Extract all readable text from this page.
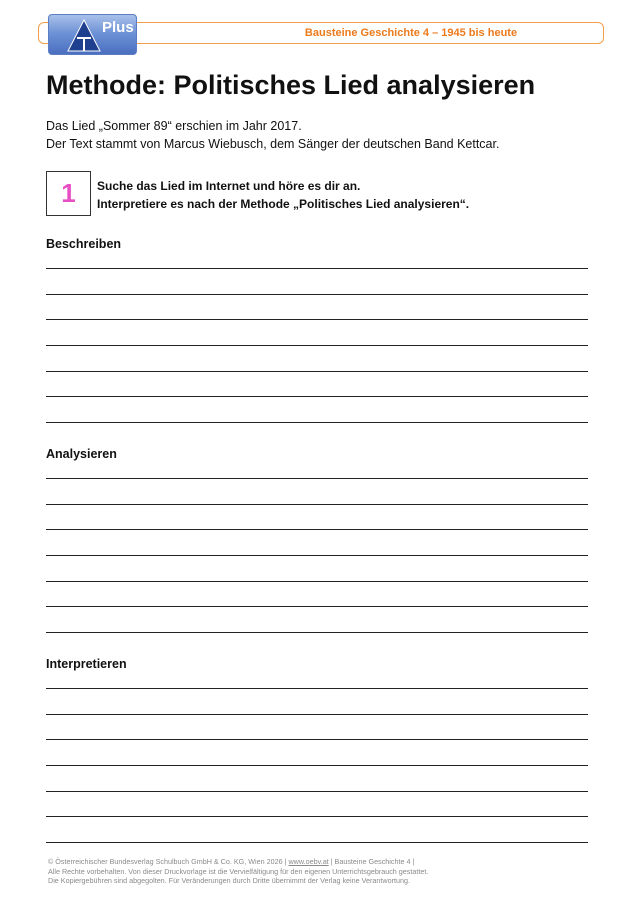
Bausteine Geschichte 4 – 1945 bis heute
Plus
Methode: Politisches Lied analysieren
Das Lied „Sommer 89“ erschien im Jahr 2017.
Der Text stammt von Marcus Wiebusch, dem Sänger der deutschen Band Kettcar.
1	Suche das Lied im Internet und höre es dir an.
Interpretiere es nach der Methode „Politisches Lied analysieren“.
Beschreiben
Analysieren
Interpretieren
© Österreichischer Bundesverlag Schulbuch GmbH & Co. KG, Wien 2026 | www.oebv.at | Bausteine Geschichte 4 |
Alle Rechte vorbehalten. Von dieser Druckvorlage ist die Vervielfältigung für den eigenen Unterrichtsgebrauch gestattet.
Die Kopiergebühren sind abgegolten. Für Veränderungen durch Dritte übernimmt der Verlag keine Verantwortung.
